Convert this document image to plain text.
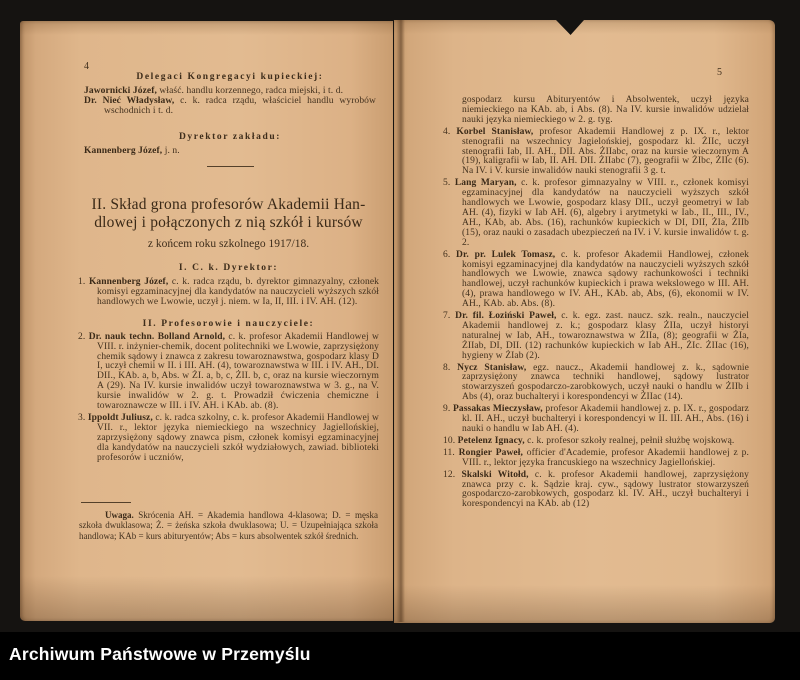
4
Delegaci Kongregacyi kupieckiej:

Jawornicki Józef, właść. handlu korzennego, radca miejski, i t. d.

Dr. Nieć Władysław, c. k. radca rządu, właściciel handlu wyrobów wschodnich i t. d.

Dyrektor zakładu:

Kannenberg Józef, j. n.

II. Skład grona profesorów Akademii Han-
dlowej i połączonych z nią szkół i kursów
z końcem roku szkolnego 1917/18.
I. C. k. Dyrektor:

1. Kannenberg Józef, c. k. radca rządu, b. dyrektor gimnazyalny, członek komisyi egzaminacyjnej dla kandydatów na nauczycieli wyższych szkół handlowych we Lwowie, uczył j. niem. w Ia, II, III. i IV. AH. (12).

II. Profesorowie i nauczyciele:

2. Dr. nauk techn. Bolland Arnold, c. k. profesor Akademii Handlowej w VIII. r. inżynier-chemik, docent politechniki we Lwowie, zaprzysiężony chemik sądowy i znawca z zakresu towaroznawstwa, gospodarz klasy D I, uczył chemii w II. i III. AH. (4), towaroznawstwa w III. i IV. AH., DI. DII., KAb. a, b, Abs. w ŻI. a, b, c, ŻII. b, c, oraz na kursie wieczornym A (29). Na IV. kursie inwalidów uczył towaroznawstwa w 3. g., na V. kursie inwalidów w 2. g. t. Prowadził ćwiczenia chemiczne i towaroznawcze w III. i IV. AH. i KAb. ab. (8).

3. Ippoldt Juliusz, c. k. radca szkolny, c. k. profesor Akademii Handlowej w VII. r., lektor języka niemieckiego na wszechnicy Jagiellońskiej, zaprzysiężony sądowy znawca pism, członek komisyi egzaminacyjnej dla kandydatów na nauczycieli szkół wydziałowych, zawiad. biblioteki profesorów i uczniów,

Uwaga. Skrócenia AH. = Akademia handlowa 4-klasowa; D. = męska szkoła dwuklasowa; Ż. = żeńska szkoła dwuklasowa; U. = Uzupełniająca szkoła handlowa; KAb = kurs abituryentów; Abs = kurs absolwentek szkół średnich.

5

gospodarz kursu Abituryentów i Absolwentek, uczył języka niemieckiego na KAb. ab, i Abs. (8). Na IV. kursie inwalidów udzielał nauki języka niemieckiego w 2. g. tyg.

4. Korbel Stanisław, profesor Akademii Handlowej z p. IX. r., lektor stenografii na wszechnicy Jagielońskiej, gospodarz kl. ŻIIc, uczył stenografii Iab, II. AH., DII. Abs. ŻIIabc, oraz na kursie wieczornym A (19), kaligrafii w Iab, II. AH. DII. ŻIIabc (7), geografii w ŻIbc, ŻIIc (6). Na IV. i V. kursie inwalidów nauki stenografii 3 g. t.

5. Lang Maryan, c. k. profesor gimnazyalny w VIII. r., członek komisyi egzaminacyjnej dla kandydatów na nauczycieli wyższych szkół handlowych we Lwowie, gospodarz klasy DII., uczył geometryi w Iab AH. (4), fizyki w Iab AH. (6), algebry i arytmetyki w Iab., II., III., IV., AH., KAb, ab. Abs. (16), rachunków kupieckich w DI, DII, ŻIa, ŻIIb (15), oraz nauki o zasadach ubezpieczeń na IV. i V. kursie inwalidów t. g. 2.

6. Dr. pr. Lulek Tomasz, c. k. profesor Akademii Handlowej, członek komisyi egzaminacyjnej dla kandydatów na nauczycieli wyższych szkół handlowych we Lwowie, znawca sądowy rachunkowości i techniki handlowej, uczył rachunków kupieckich i prawa wekslowego w III. AH. (4), prawa handlowego w IV. AH., KAb. ab, Abs, (6), ekonomii w IV. AH., KAb. ab. Abs. (8).

7. Dr. fil. Łoziński Paweł, c. k. egz. zast. naucz. szk. realn., nauczyciel Akademii handlowej z. k.; gospodarz klasy ŻIIa, uczył historyi naturalnej w Iab, AH., towaroznawstwa w ŻIIa, (8); geografii w ŻIa, ŻIIab, DI, DII. (12) rachunków kupieckich w Iab AH., ŻIc. ŻIIac (16), hygieny w ŻIab (2).

8. Nycz Stanisław, egz. naucz., Akademii handlowej z. k., sądownie zaprzysiężony znawca techniki handlowej, sądowy lustrator stowarzyszeń gospodarczo-zarobkowych, uczył nauki o handlu w ŻIIb i Abs (4), oraz buchalteryi i korespondencyi w ŻIIac (14).

9. Passakas Mieczysław, profesor Akademii handlowej z. p. IX. r., gospodarz kl. II. AH., uczył buchalteryi i korespondencyi w II. III. AH., Abs. (16) i nauki o handlu w Iab AH. (4).

10. Petelenz Ignacy, c. k. profesor szkoły realnej, pełnił służbę wojskową.

11. Rongier Paweł, officier d'Academie, profesor Akademii handlowej z p. VIII. r., lektor języka francuskiego na wszechnicy Jagiellońskiej.

12. Skalski Witołd, c. k. profesor Akademii handlowej, zaprzysiężony znawca przy c. k. Sądzie kraj. cyw., sądowy lustrator stowarzyszeń gospodarczo-zarobkowych, gospodarz kl. IV. AH., uczył buchalteryi i korespondencyi na KAb. ab (12)

Archiwum Państwowe w Przemyślu
